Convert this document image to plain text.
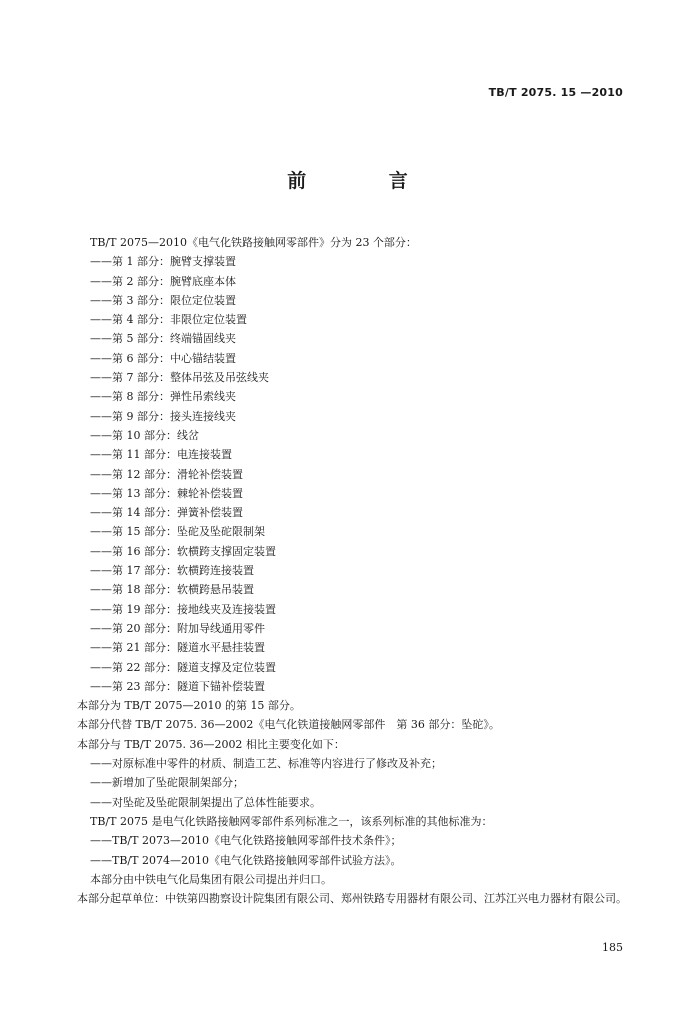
TB/T 2075. 15 —2010
前 言
TB/T 2075—2010《电气化铁路接触网零部件》分为 23 个部分：
——第 1 部分：腕臂支撑装置
——第 2 部分：腕臂底座本体
——第 3 部分：限位定位装置
——第 4 部分：非限位定位装置
——第 5 部分：终端锚固线夹
——第 6 部分：中心锚结装置
——第 7 部分：整体吊弦及吊弦线夹
——第 8 部分：弹性吊索线夹
——第 9 部分：接头连接线夹
——第 10 部分：线岔
——第 11 部分：电连接装置
——第 12 部分：滑轮补偿装置
——第 13 部分：棘轮补偿装置
——第 14 部分：弹簧补偿装置
——第 15 部分：坠砣及坠砣限制架
——第 16 部分：软横跨支撑固定装置
——第 17 部分：软横跨连接装置
——第 18 部分：软横跨悬吊装置
——第 19 部分：接地线夹及连接装置
——第 20 部分：附加导线通用零件
——第 21 部分：隧道水平悬挂装置
——第 22 部分：隧道支撑及定位装置
——第 23 部分：隧道下锚补偿装置
本部分为 TB/T 2075—2010 的第 15 部分。
本部分代替 TB/T 2075. 36—2002《电气化铁道接触网零部件　第 36 部分：坠砣》。
本部分与 TB/T 2075. 36—2002 相比主要变化如下：
——对原标准中零件的材质、制造工艺、标准等内容进行了修改及补充；
——新增加了坠砣限制架部分；
——对坠砣及坠砣限制架提出了总体性能要求。
TB/T 2075 是电气化铁路接触网零部件系列标准之一，该系列标准的其他标准为：
——TB/T 2073—2010《电气化铁路接触网零部件技术条件》；
——TB/T 2074—2010《电气化铁路接触网零部件试验方法》。
本部分由中铁电气化局集团有限公司提出并归口。
本部分起草单位：中铁第四勘察设计院集团有限公司、郑州铁路专用器材有限公司、江苏江兴电力器材有限公司。
185
